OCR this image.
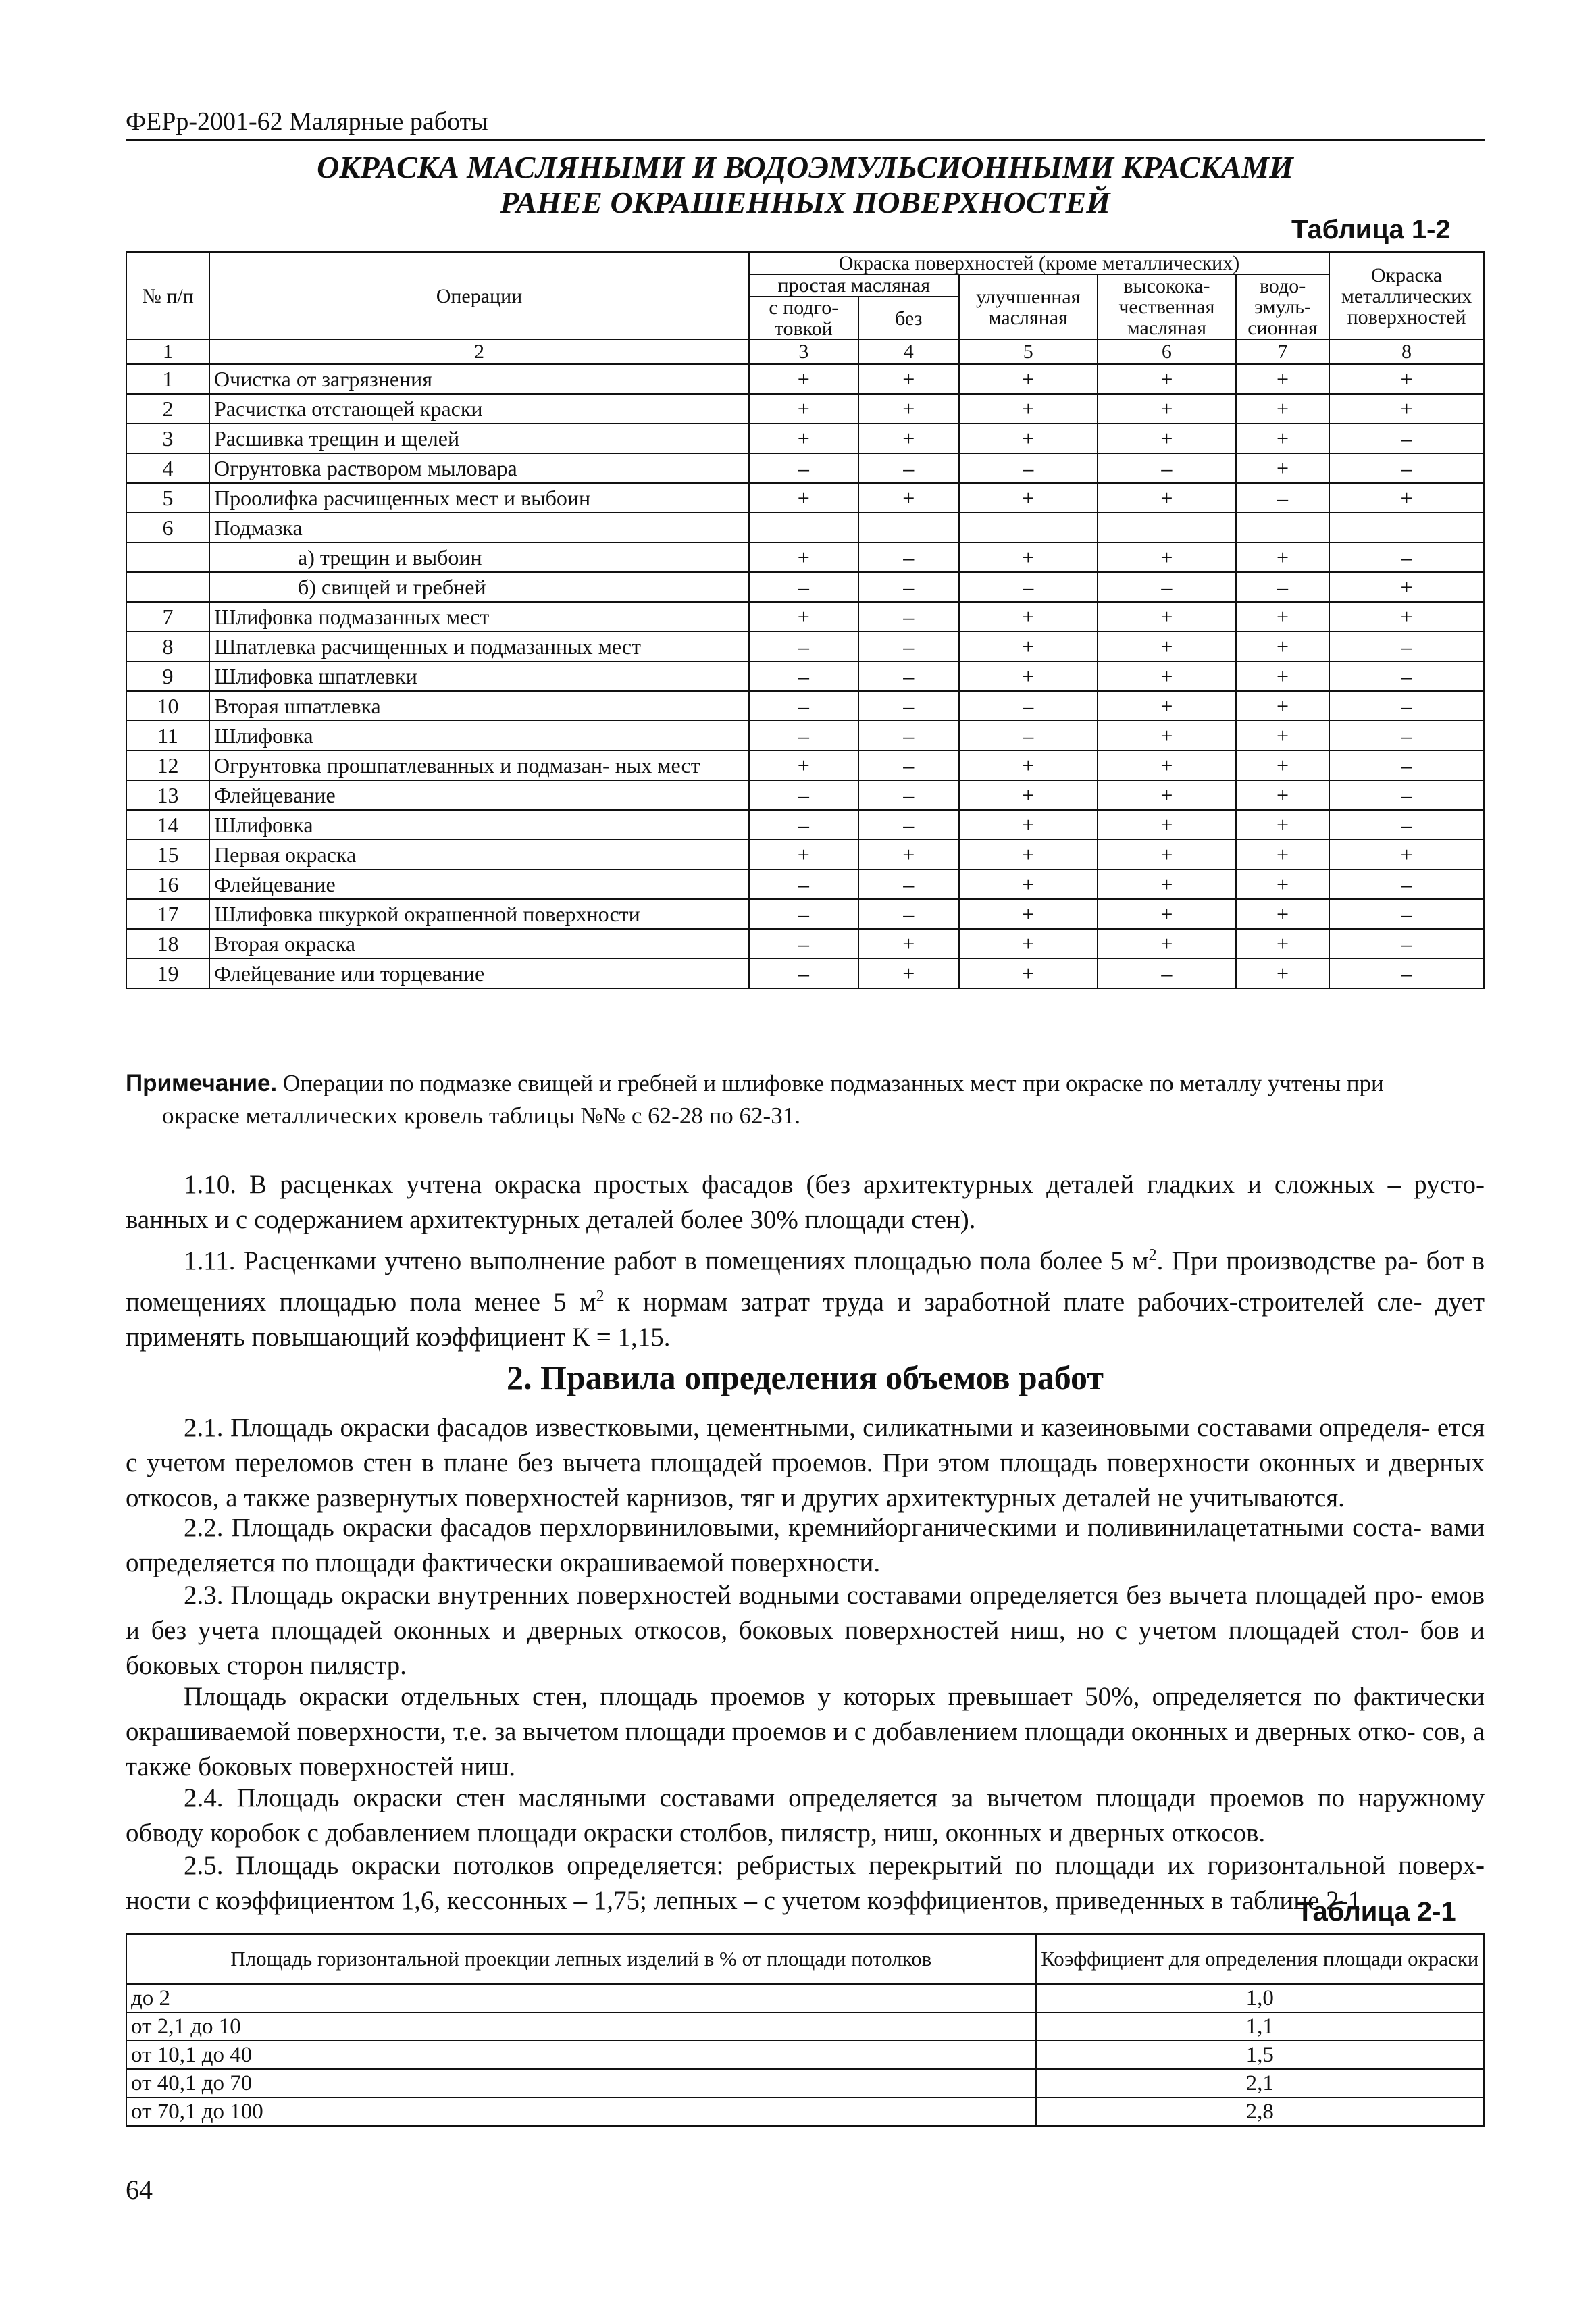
ФЕРр-2001-62 Малярные работы
ОКРАСКА МАСЛЯНЫМИ И ВОДОЭМУЛЬСИОННЫМИ КРАСКАМИ
РАНЕЕ ОКРАШЕННЫХ ПОВЕРХНОСТЕЙ
Таблица 1-2
№ п/п	Операции	Окраска поверхностей (кроме металлических)					Окраска металлических поверхностей
		простая масляная		улучшенная масляная	высокока- чественная масляная	водо- эмуль- сионная	
		с подго- товкой	без				
1	2	3	4	5	6	7	8
1	Очистка от загрязнения	+	+	+	+	+	+
2	Расчистка отстающей краски	+	+	+	+	+	+
3	Расшивка трещин и щелей	+	+	+	+	+	–
4	Огрунтовка раствором мыловара	–	–	–	–	+	–
5	Проолифка расчищенных мест и выбоин	+	+	+	+	–	+
6	Подмазка						
	а) трещин и выбоин	+	–	+	+	+	–
	б) свищей и гребней	–	–	–	–	–	+
7	Шлифовка подмазанных мест	+	–	+	+	+	+
8	Шпатлевка расчищенных и подмазанных мест	–	–	+	+	+	–
9	Шлифовка шпатлевки	–	–	+	+	+	–
10	Вторая шпатлевка	–	–	–	+	+	–
11	Шлифовка	–	–	–	+	+	–
12	Огрунтовка прошпатлеванных и подмазан- ных мест	+	–	+	+	+	–
13	Флейцевание	–	–	+	+	+	–
14	Шлифовка	–	–	+	+	+	–
15	Первая окраска	+	+	+	+	+	+
16	Флейцевание	–	–	+	+	+	–
17	Шлифовка шкуркой окрашенной поверхности	–	–	+	+	+	–
18	Вторая окраска	–	+	+	+	+	–
19	Флейцевание или торцевание	–	+	+	–	+	–
Примечание. Операции по подмазке свищей и гребней и шлифовке подмазанных мест при окраске по металлу учтены при
окраске металлических кровель таблицы №№ с 62-28 по 62-31.
1.10. В расценках учтена окраска простых фасадов (без архитектурных деталей гладких и сложных – русто- ванных и с содержанием архитектурных деталей более 30% площади стен).
1.11. Расценками учтено выполнение работ в помещениях площадью пола более 5 $м^2$. При производстве ра- бот в помещениях площадью пола менее 5 $м^2$ к нормам затрат труда и заработной плате рабочих-строителей сле- дует применять повышающий коэффициент К = 1,15.
2. Правила определения объемов работ
2.1. Площадь окраски фасадов известковыми, цементными, силикатными и казеиновыми составами определя- ется с учетом переломов стен в плане без вычета площадей проемов. При этом площадь поверхности оконных и дверных откосов, а также развернутых поверхностей карнизов, тяг и других архитектурных деталей не учитываются.
2.2. Площадь окраски фасадов перхлорвиниловыми, кремнийорганическими и поливинилацетатными соста- вами определяется по площади фактически окрашиваемой поверхности.
2.3. Площадь окраски внутренних поверхностей водными составами определяется без вычета площадей про- емов и без учета площадей оконных и дверных откосов, боковых поверхностей ниш, но с учетом площадей стол- бов и боковых сторон пилястр.
Площадь окраски отдельных стен, площадь проемов у которых превышает 50%, определяется по фактически окрашиваемой поверхности, т.е. за вычетом площади проемов и с добавлением площади оконных и дверных отко- сов, а также боковых поверхностей ниш.
2.4. Площадь окраски стен масляными составами определяется за вычетом площади проемов по наружному обводу коробок с добавлением площади окраски столбов, пилястр, ниш, оконных и дверных откосов.
2.5. Площадь окраски потолков определяется: ребристых перекрытий по площади их горизонтальной поверх- ности с коэффициентом 1,6, кессонных – 1,75; лепных – с учетом коэффициентов, приведенных в таблице 2-1.
Таблица 2-1
Площадь горизонтальной проекции лепных изделий в % от площади потолков	Коэффициент для определения площади окраски
до 2	1,0
от 2,1 до 10	1,1
от 10,1 до 40	1,5
от 40,1 до 70	2,1
от 70,1 до 100	2,8
64
